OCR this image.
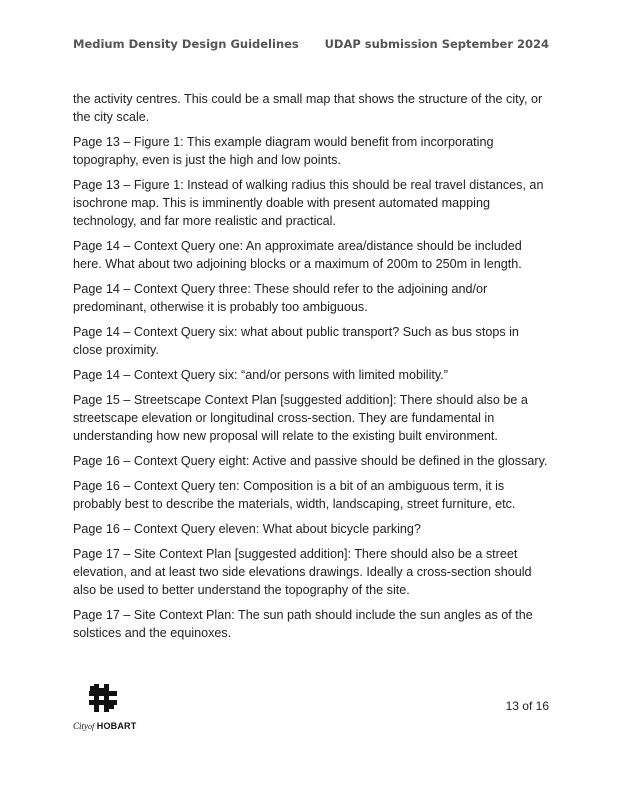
Medium Density Design Guidelines UDAP submission September 2024

the activity centres. This could be a small map that shows the structure of the city, or the city scale.

Page 13 – Figure 1: This example diagram would benefit from incorporating topography, even is just the high and low points.

Page 13 – Figure 1: Instead of walking radius this should be real travel distances, an isochrone map. This is imminently doable with present automated mapping technology, and far more realistic and practical.

Page 14 – Context Query one: An approximate area/distance should be included here. What about two adjoining blocks or a maximum of 200m to 250m in length.

Page 14 – Context Query three: These should refer to the adjoining and/or predominant, otherwise it is probably too ambiguous.

Page 14 – Context Query six: what about public transport? Such as bus stops in close proximity.

Page 14 – Context Query six: “and/or persons with limited mobility.”

Page 15 – Streetscape Context Plan [suggested addition]: There should also be a streetscape elevation or longitudinal cross-section. They are fundamental in understanding how new proposal will relate to the existing built environment.

Page 16 – Context Query eight: Active and passive should be defined in the glossary.

Page 16 – Context Query ten: Composition is a bit of an ambiguous term, it is probably best to describe the materials, width, landscaping, street furniture, etc.

Page 16 – Context Query eleven: What about bicycle parking?

Page 17 – Site Context Plan [suggested addition]: There should also be a street elevation, and at least two side elevations drawings. Ideally a cross-section should also be used to better understand the topography of the site.

Page 17 – Site Context Plan: The sun path should include the sun angles as of the solstices and the equinoxes.

Cityof HOBART
13 of 16
